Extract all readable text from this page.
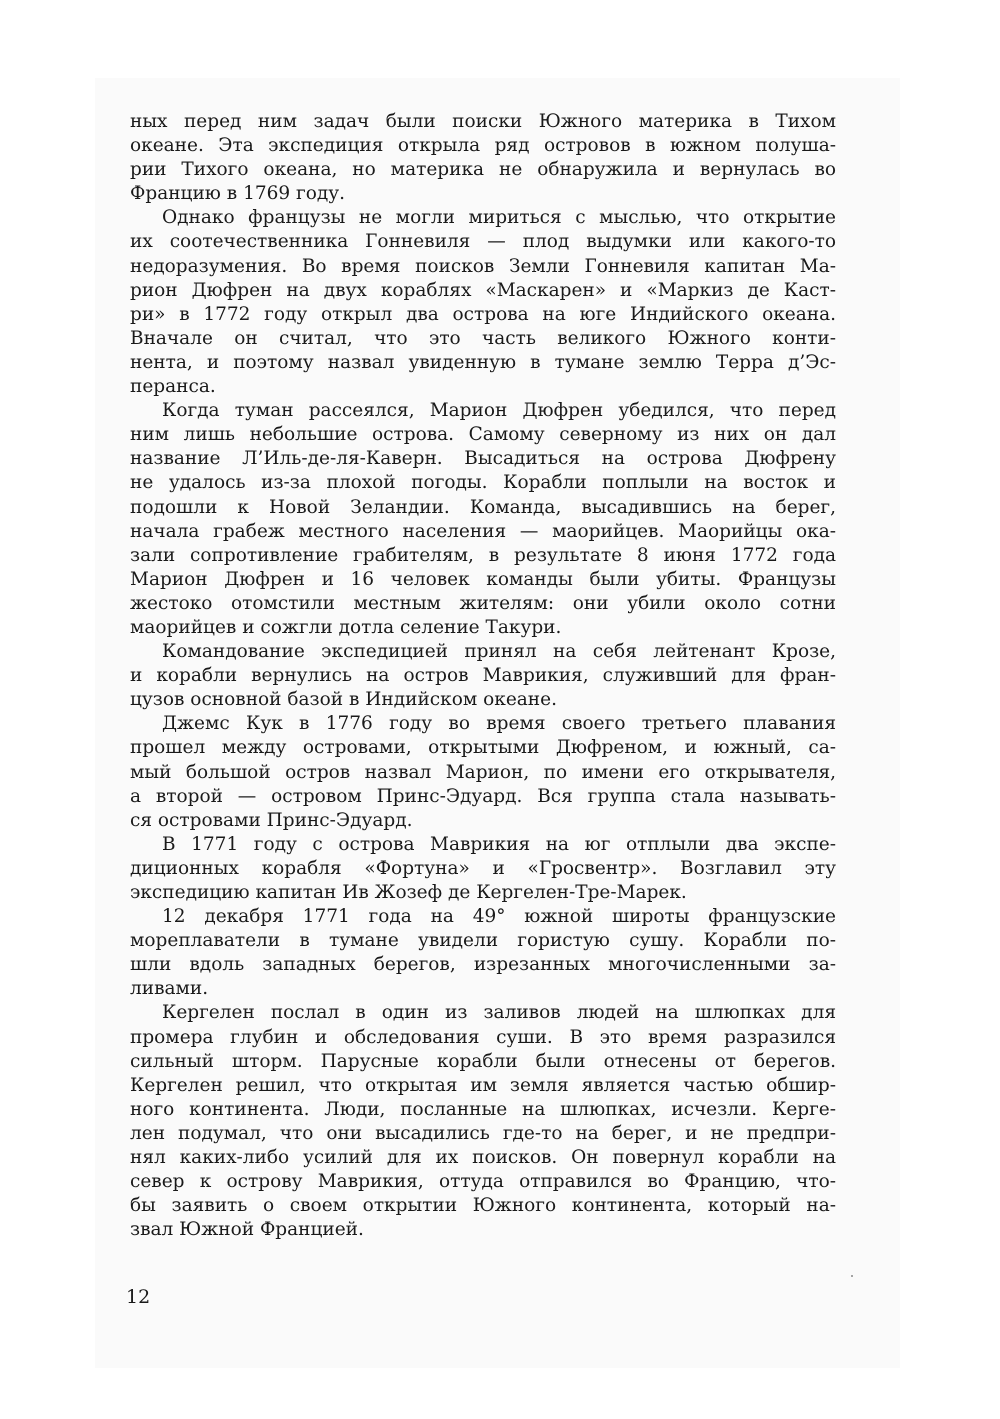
ных перед ним задач были поиски Южного материка в Тихом
океане. Эта экспедиция открыла ряд островов в южном полуша-
рии Тихого океана, но материка не обнаружила и вернулась во
Францию в 1769 году.
Однако французы не могли мириться с мыслью, что открытие
их соотечественника Гонневиля — плод выдумки или какого-то
недоразумения. Во время поисков Земли Гонневиля капитан Ма-
рион Дюфрен на двух кораблях «Маскарен» и «Маркиз де Каст-
ри» в 1772 году открыл два острова на юге Индийского океана.
Вначале он считал, что это часть великого Южного конти-
нента, и поэтому назвал увиденную в тумане землю Терра д’Эс-
перанса.
Когда туман рассеялся, Марион Дюфрен убедился, что перед
ним лишь небольшие острова. Самому северному из них он дал
название Л’Иль-де-ля-Каверн. Высадиться на острова Дюфрену
не удалось из-за плохой погоды. Корабли поплыли на восток и
подошли к Новой Зеландии. Команда, высадившись на берег,
начала грабеж местного населения — маорийцев. Маорийцы ока-
зали сопротивление грабителям, в результате 8 июня 1772 года
Марион Дюфрен и 16 человек команды были убиты. Французы
жестоко отомстили местным жителям: они убили около сотни
маорийцев и сожгли дотла селение Такури.
Командование экспедицией принял на себя лейтенант Крозе,
и корабли вернулись на остров Маврикия, служивший для фран-
цузов основной базой в Индийском океане.
Джемс Кук в 1776 году во время своего третьего плавания
прошел между островами, открытыми Дюфреном, и южный, са-
мый большой остров назвал Марион, по имени его открывателя,
а второй — островом Принс-Эдуард. Вся группа стала называть-
ся островами Принс-Эдуард.
В 1771 году с острова Маврикия на юг отплыли два экспе-
диционных корабля «Фортуна» и «Гросвентр». Возглавил эту
экспедицию капитан Ив Жозеф де Кергелен-Тре-Марек.
12 декабря 1771 года на 49° южной широты французские
мореплаватели в тумане увидели гористую сушу. Корабли по-
шли вдоль западных берегов, изрезанных многочисленными за-
ливами.
Кергелен послал в один из заливов людей на шлюпках для
промера глубин и обследования суши. В это время разразился
сильный шторм. Парусные корабли были отнесены от берегов.
Кергелен решил, что открытая им земля является частью обшир-
ного континента. Люди, посланные на шлюпках, исчезли. Керге-
лен подумал, что они высадились где-то на берег, и не предпри-
нял каких-либо усилий для их поисков. Он повернул корабли на
север к острову Маврикия, оттуда отправился во Францию, что-
бы заявить о своем открытии Южного континента, который на-
звал Южной Францией.
12
